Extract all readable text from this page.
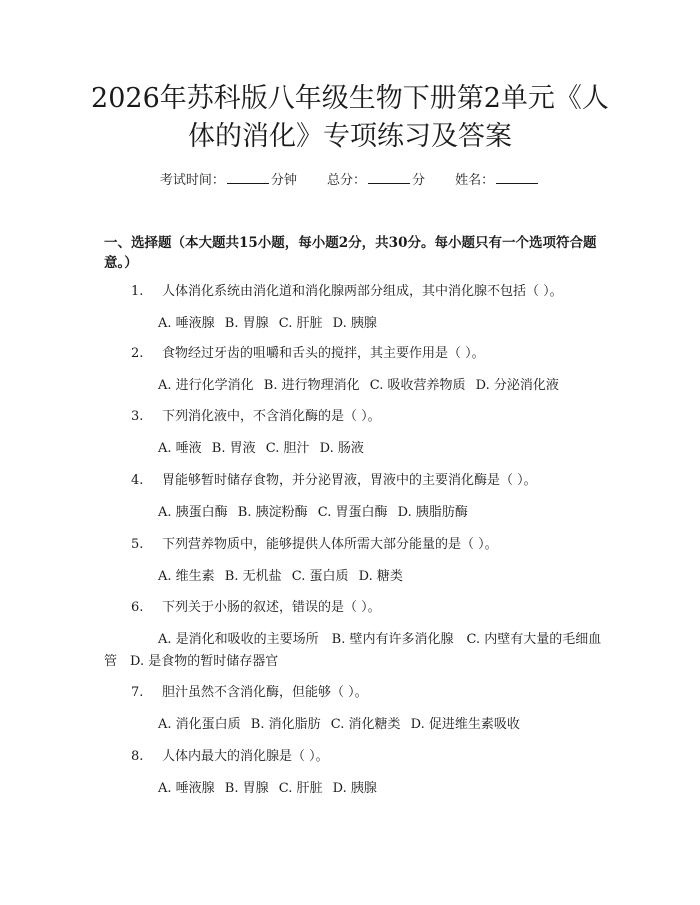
2026年苏科版八年级生物下册第2单元《人
体的消化》专项练习及答案
考试时间：	分钟 总分：	分 姓名：
一、选择题（本大题共15小题，每小题2分，共30分。每小题只有一个选项符合题意。）
1. 人体消化系统由消化道和消化腺两部分组成，其中消化腺不包括（ ）。
A. 唾液腺 B. 胃腺 C. 肝脏 D. 胰腺
2. 食物经过牙齿的咀嚼和舌头的搅拌，其主要作用是（ ）。
A. 进行化学消化 B. 进行物理消化 C. 吸收营养物质 D. 分泌消化液
3. 下列消化液中，不含消化酶的是（ ）。
A. 唾液 B. 胃液 C. 胆汁 D. 肠液
4. 胃能够暂时储存食物，并分泌胃液，胃液中的主要消化酶是（ ）。
A. 胰蛋白酶 B. 胰淀粉酶 C. 胃蛋白酶 D. 胰脂肪酶
5. 下列营养物质中，能够提供人体所需大部分能量的是（ ）。
A. 维生素 B. 无机盐 C. 蛋白质 D. 糖类
6. 下列关于小肠的叙述，错误的是（ ）。
A. 是消化和吸收的主要场所　B. 壁内有许多消化腺　C. 内壁有大量的毛细血管　D. 是食物的暂时储存器官
7. 胆汁虽然不含消化酶，但能够（ ）。
A. 消化蛋白质 B. 消化脂肪 C. 消化糖类 D. 促进维生素吸收
8. 人体内最大的消化腺是（ ）。
A. 唾液腺 B. 胃腺 C. 肝脏 D. 胰腺
